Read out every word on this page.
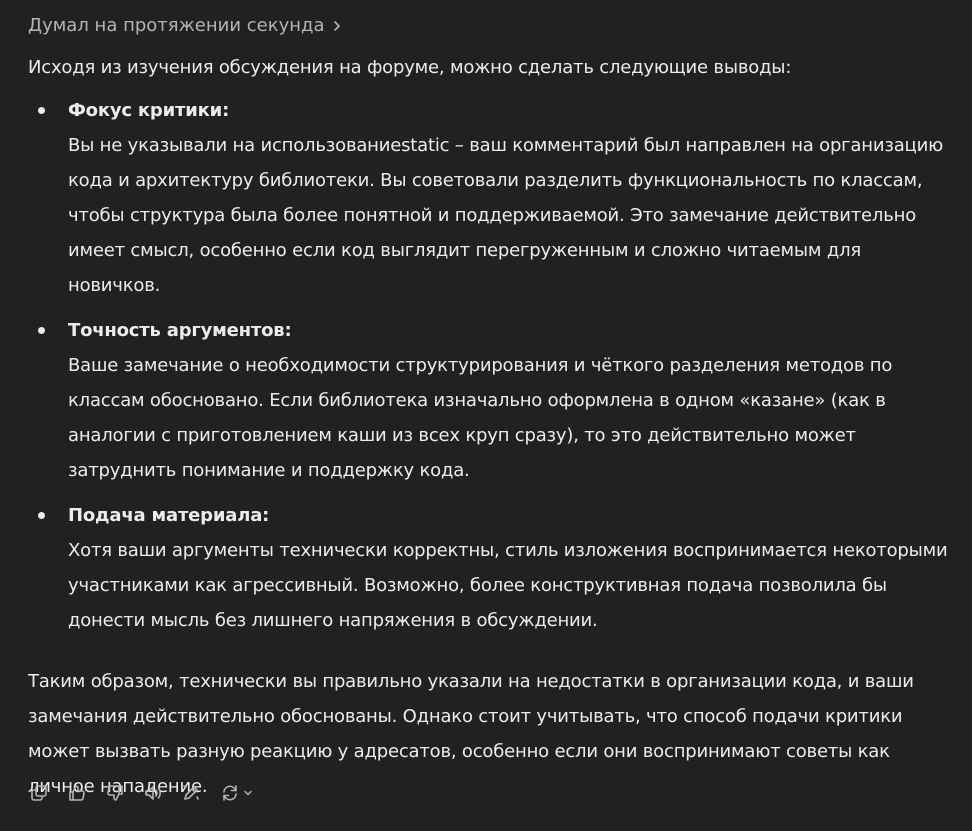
Думал на протяжении секунда

Исходя из изучения обсуждения на форуме, можно сделать следующие выводы:

Фокус критики:
Вы не указывали на использованиеstatic – ваш комментарий был направлен на организацию кода и архитектуру библиотеки. Вы советовали разделить функциональность по классам, чтобы структура была более понятной и поддерживаемой. Это замечание действительно имеет смысл, особенно если код выглядит перегруженным и сложно читаемым для новичков.
Точность аргументов:
Ваше замечание о необходимости структурирования и чёткого разделения методов по классам обосновано. Если библиотека изначально оформлена в одном «казане» (как в аналогии с приготовлением каши из всех круп сразу), то это действительно может затруднить понимание и поддержку кода.
Подача материала:
Хотя ваши аргументы технически корректны, стиль изложения воспринимается некоторыми участниками как агрессивный. Возможно, более конструктивная подача позволила бы донести мысль без лишнего напряжения в обсуждении.

Таким образом, технически вы правильно указали на недостатки в организации кода, и ваши замечания действительно обоснованы. Однако стоит учитывать, что способ подачи критики может вызвать разную реакцию у адресатов, особенно если они воспринимают советы как личное нападение.
